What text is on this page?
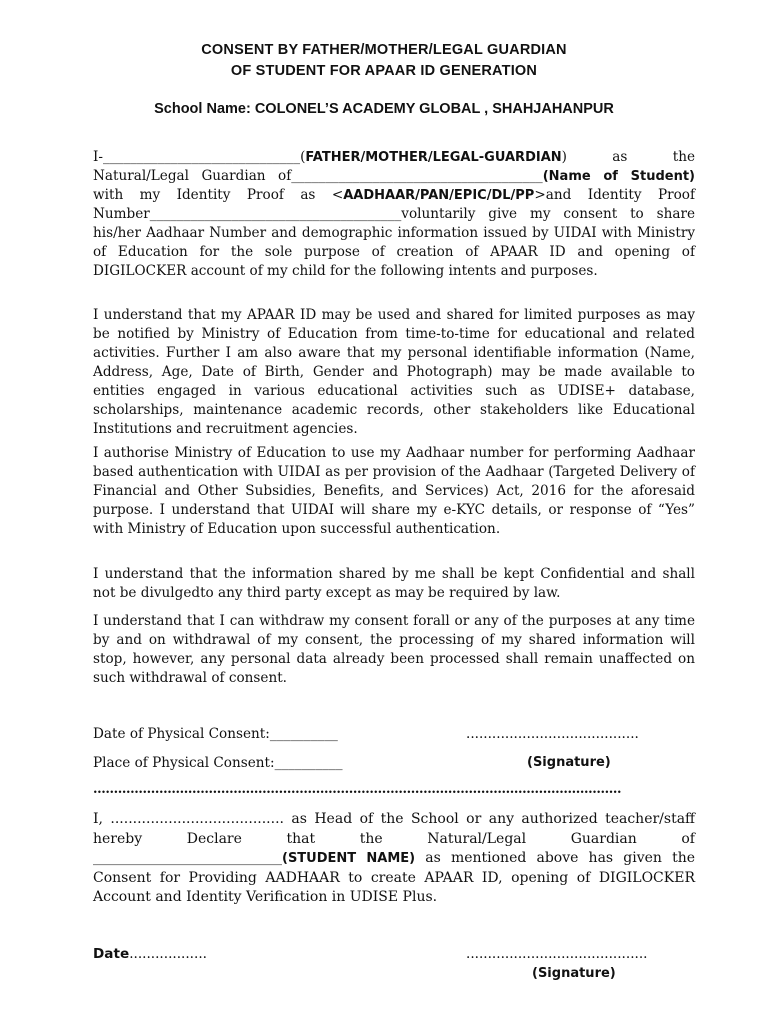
CONSENT BY FATHER/MOTHER/LEGAL GUARDIAN
OF STUDENT FOR APAAR ID GENERATION
School Name: COLONEL’S ACADEMY GLOBAL , SHAHJAHANPUR
I-_____________________________(FATHER/MOTHER/LEGAL-GUARDIAN) as the Natural/Legal Guardian of_____________________________________(Name of Student) with my Identity Proof as <AADHAAR/PAN/EPIC/DL/PP>and Identity Proof Number_____________________________________voluntarily give my consent to share his/her Aadhaar Number and demographic information issued by UIDAI with Ministry of Education for the sole purpose of creation of APAAR ID and opening of DIGILOCKER account of my child for the following intents and purposes.
I understand that my APAAR ID may be used and shared for limited purposes as may be notified by Ministry of Education from time-to-time for educational and related activities. Further I am also aware that my personal identifiable information (Name, Address, Age, Date of Birth, Gender and Photograph) may be made available to entities engaged in various educational activities such as UDISE+ database, scholarships, maintenance academic records, other stakeholders like Educational Institutions and recruitment agencies.
I authorise Ministry of Education to use my Aadhaar number for performing Aadhaar based authentication with UIDAI as per provision of the Aadhaar (Targeted Delivery of Financial and Other Subsidies, Benefits, and Services) Act, 2016 for the aforesaid purpose. I understand that UIDAI will share my e-KYC details, or response of “Yes” with Ministry of Education upon successful authentication.
I understand that the information shared by me shall be kept Confidential and shall not be divulgedto any third party except as may be required by law.
I understand that I can withdraw my consent forall or any of the purposes at any time by and on withdrawal of my consent, the processing of my shared information will stop, however, any personal data already been processed shall remain unaffected on such withdrawal of consent.
Date of Physical Consent:__________	........................................
Place of Physical Consent:__________	(Signature)
................................................................................................................................
I, ....................................... as Head of the School or any authorized teacher/staff hereby Declare that the Natural/Legal Guardian of ___________________________(STUDENT NAME) as mentioned above has given the Consent for Providing AADHAAR to create APAAR ID, opening of DIGILOCKER Account and Identity Verification in UDISE Plus.
Date..................	..........................................
(Signature)
